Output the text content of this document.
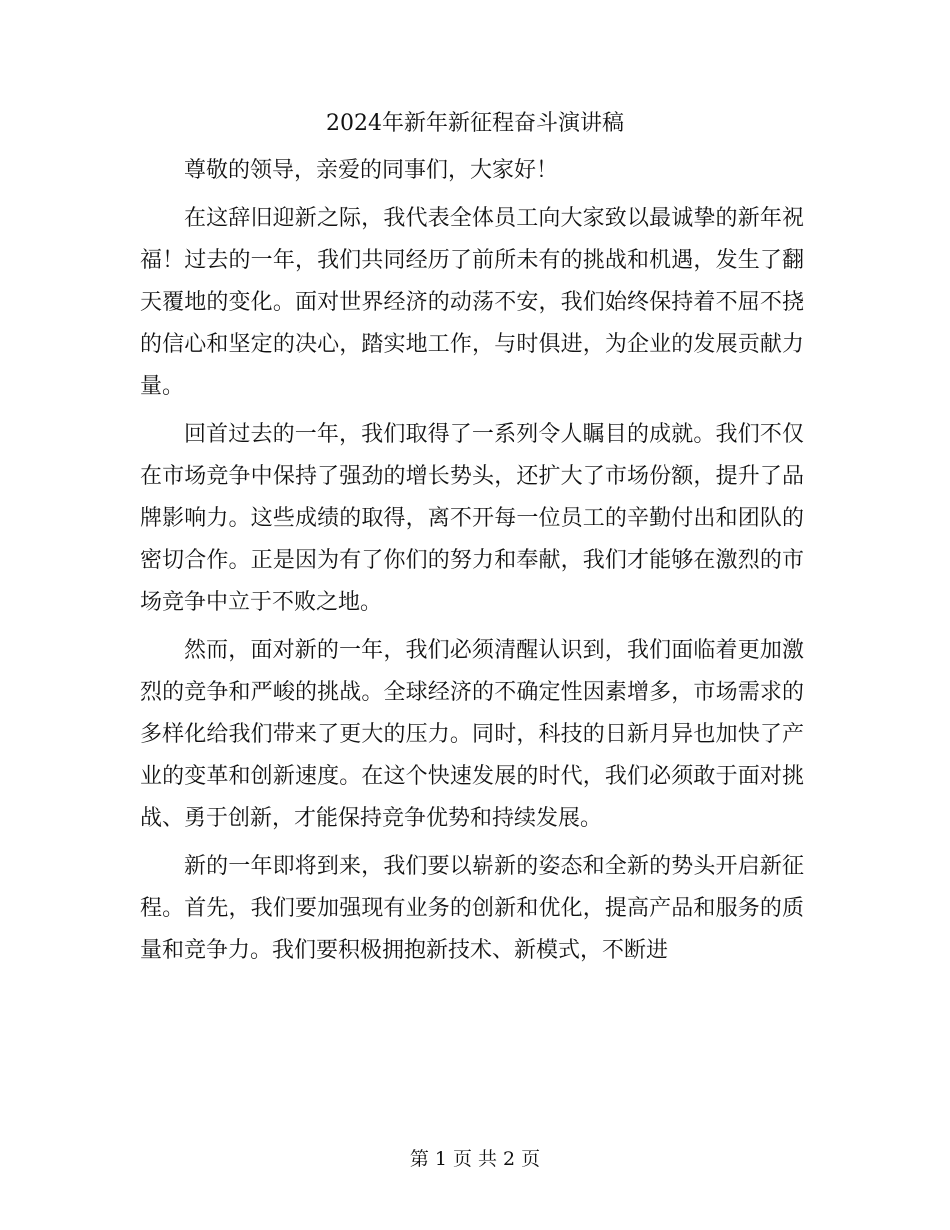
2024年新年新征程奋斗演讲稿

尊敬的领导，亲爱的同事们，大家好！

在这辞旧迎新之际，我代表全体员工向大家致以最诚挚的新年祝福！过去的一年，我们共同经历了前所未有的挑战和机遇，发生了翻天覆地的变化。面对世界经济的动荡不安，我们始终保持着不屈不挠的信心和坚定的决心，踏实地工作，与时俱进，为企业的发展贡献力量。

回首过去的一年，我们取得了一系列令人瞩目的成就。我们不仅在市场竞争中保持了强劲的增长势头，还扩大了市场份额，提升了品牌影响力。这些成绩的取得，离不开每一位员工的辛勤付出和团队的密切合作。正是因为有了你们的努力和奉献，我们才能够在激烈的市场竞争中立于不败之地。

然而，面对新的一年，我们必须清醒认识到，我们面临着更加激烈的竞争和严峻的挑战。全球经济的不确定性因素增多，市场需求的多样化给我们带来了更大的压力。同时，科技的日新月异也加快了产业的变革和创新速度。在这个快速发展的时代，我们必须敢于面对挑战、勇于创新，才能保持竞争优势和持续发展。

新的一年即将到来，我们要以崭新的姿态和全新的势头开启新征程。首先，我们要加强现有业务的创新和优化，提高产品和服务的质量和竞争力。我们要积极拥抱新技术、新模式，不断进

第 1 页 共 2 页
